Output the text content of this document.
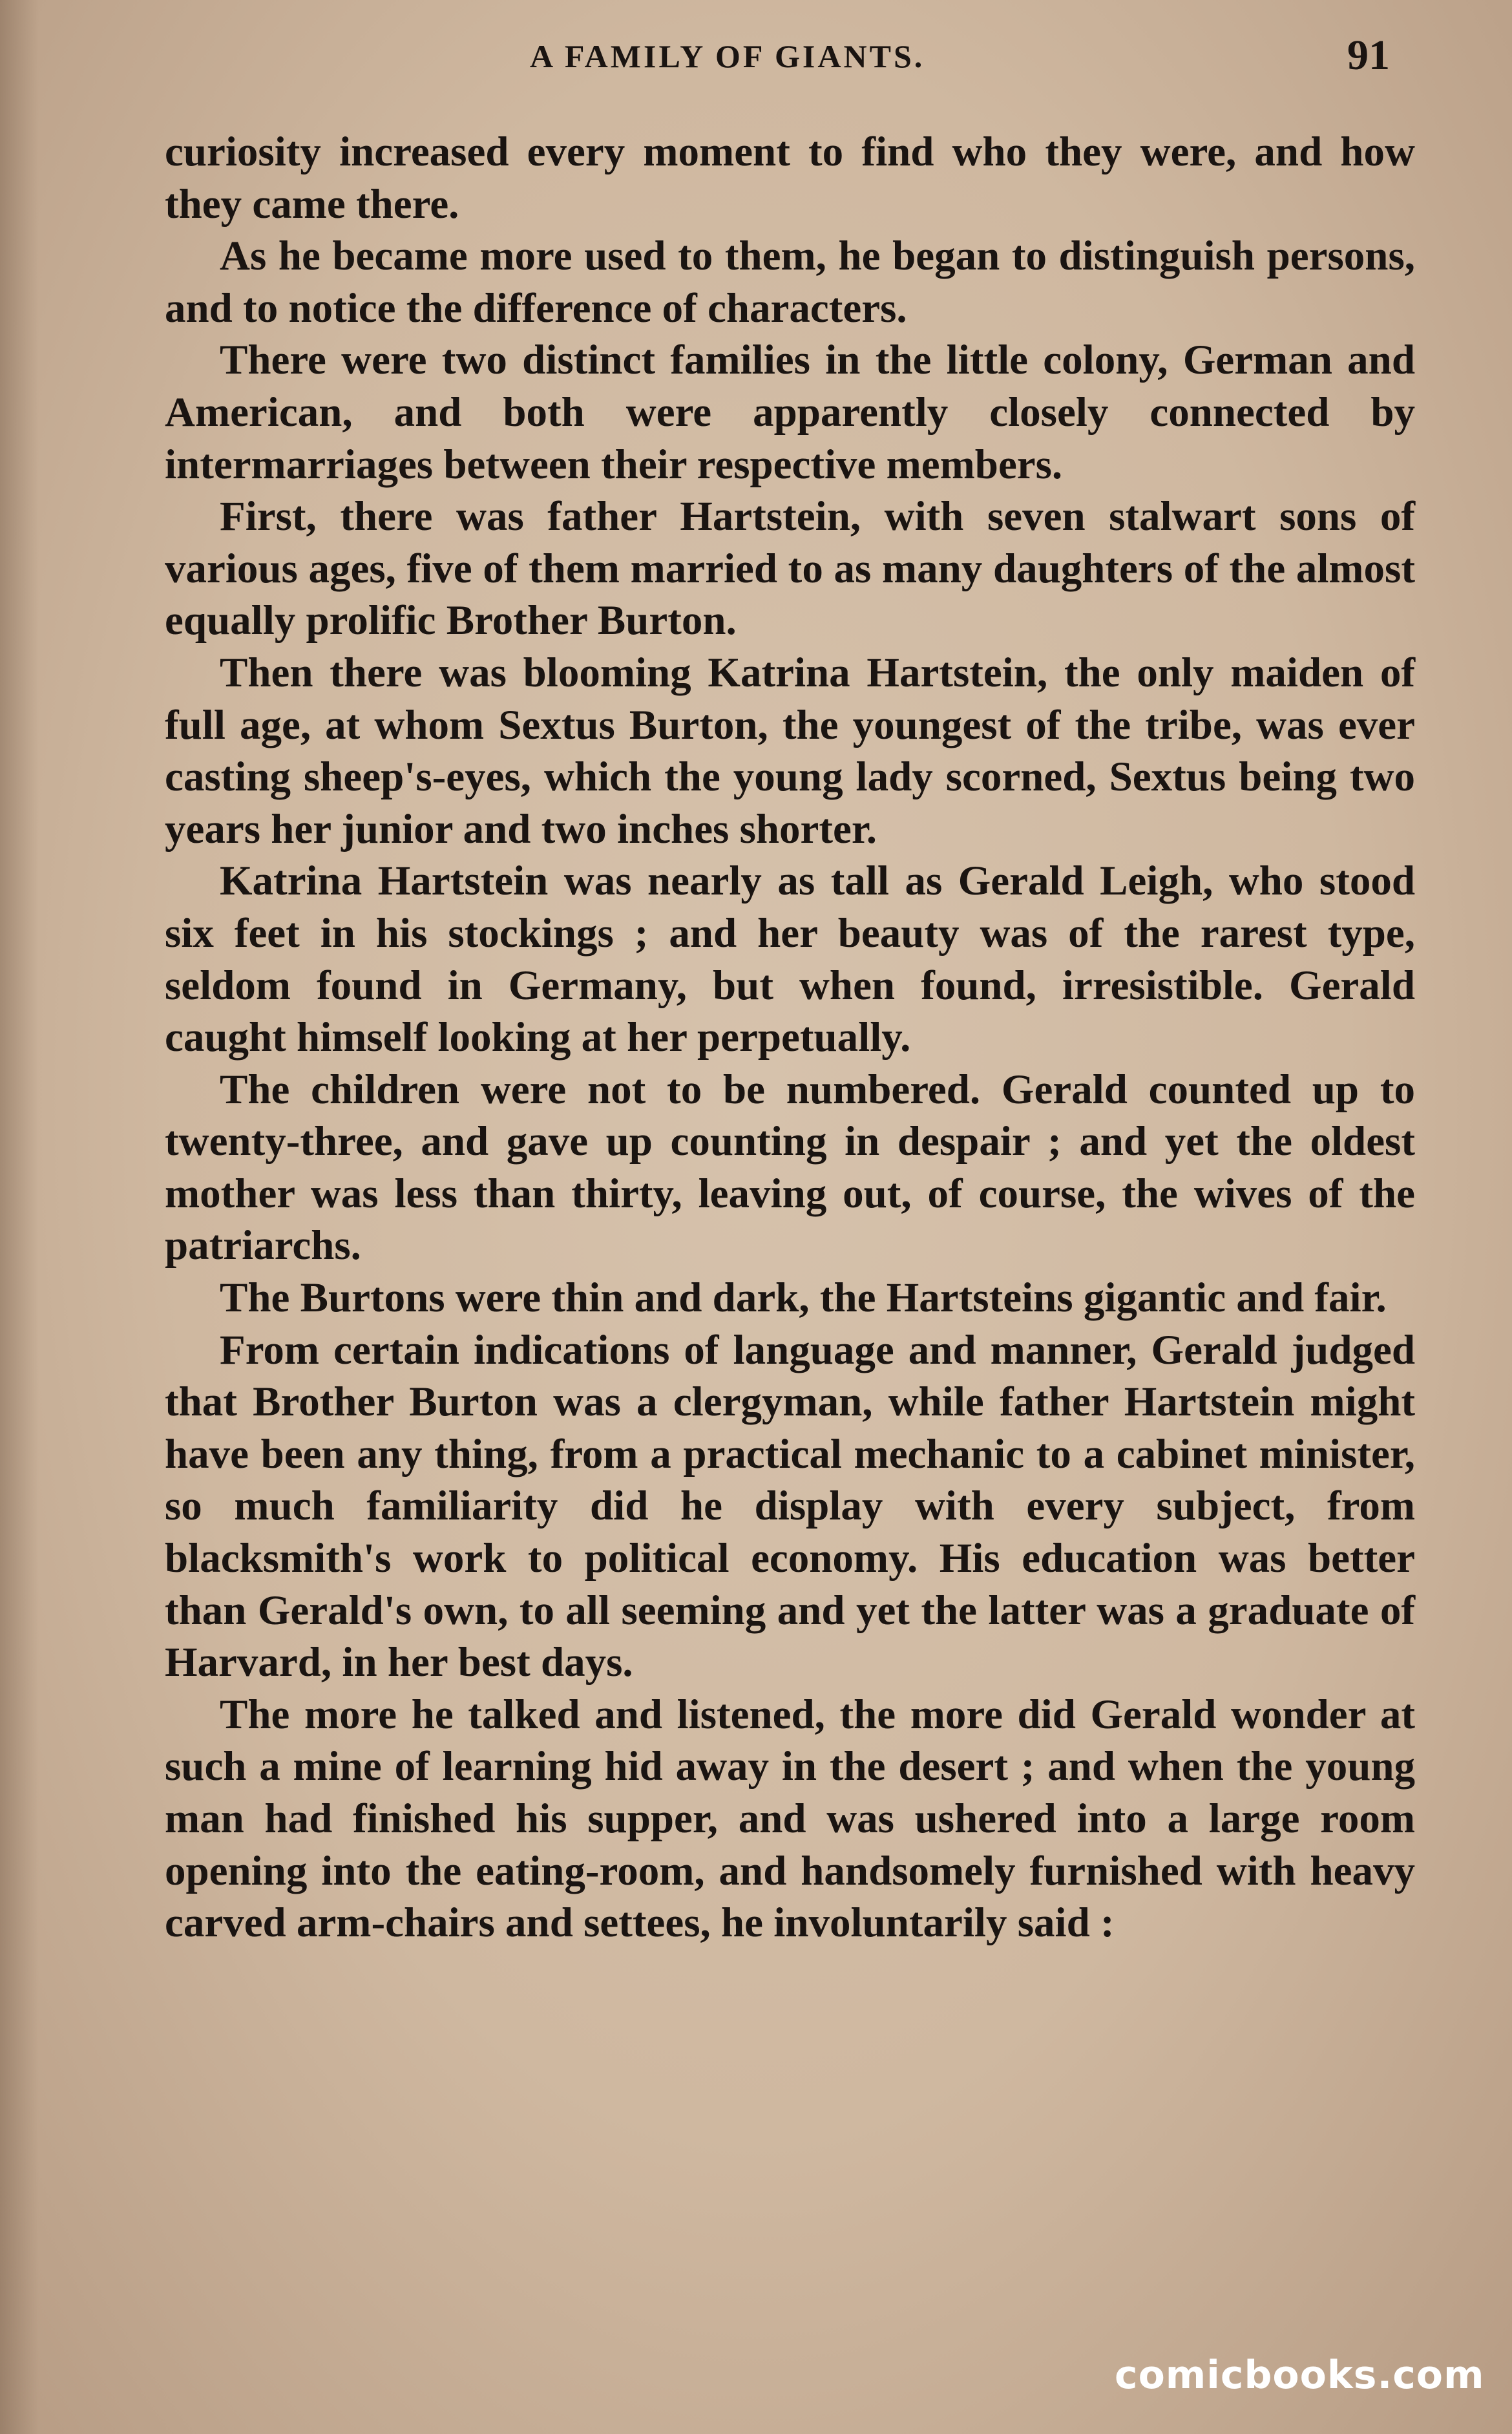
A FAMILY OF GIANTS.	91

curiosity increased every moment to find who they were, and how they came there.

As he became more used to them, he began to distinguish persons, and to notice the difference of characters.

There were two distinct families in the little colony, German and American, and both were apparently closely connected by intermarriages between their respective members.

First, there was father Hartstein, with seven stalwart sons of various ages, five of them married to as many daughters of the almost equally prolific Brother Burton.

Then there was blooming Katrina Hartstein, the only maiden of full age, at whom Sextus Burton, the youngest of the tribe, was ever casting sheep's-eyes, which the young lady scorned, Sextus being two years her junior and two inches shorter.

Katrina Hartstein was nearly as tall as Gerald Leigh, who stood six feet in his stockings ; and her beauty was of the rarest type, seldom found in Germany, but when found, irresistible. Gerald caught himself looking at her perpetually.

The children were not to be numbered. Gerald counted up to twenty-three, and gave up counting in despair ; and yet the oldest mother was less than thirty, leaving out, of course, the wives of the patriarchs.

The Burtons were thin and dark, the Hartsteins gigantic and fair.

From certain indications of language and manner, Gerald judged that Brother Burton was a clergyman, while father Hartstein might have been any thing, from a practical mechanic to a cabinet minister, so much familiarity did he display with every subject, from blacksmith's work to political economy. His education was better than Gerald's own, to all seeming and yet the latter was a graduate of Harvard, in her best days.

The more he talked and listened, the more did Gerald wonder at such a mine of learning hid away in the desert ; and when the young man had finished his supper, and was ushered into a large room opening into the eating-room, and handsomely furnished with heavy carved arm-chairs and settees, he involuntarily said :

comicbooks.com
